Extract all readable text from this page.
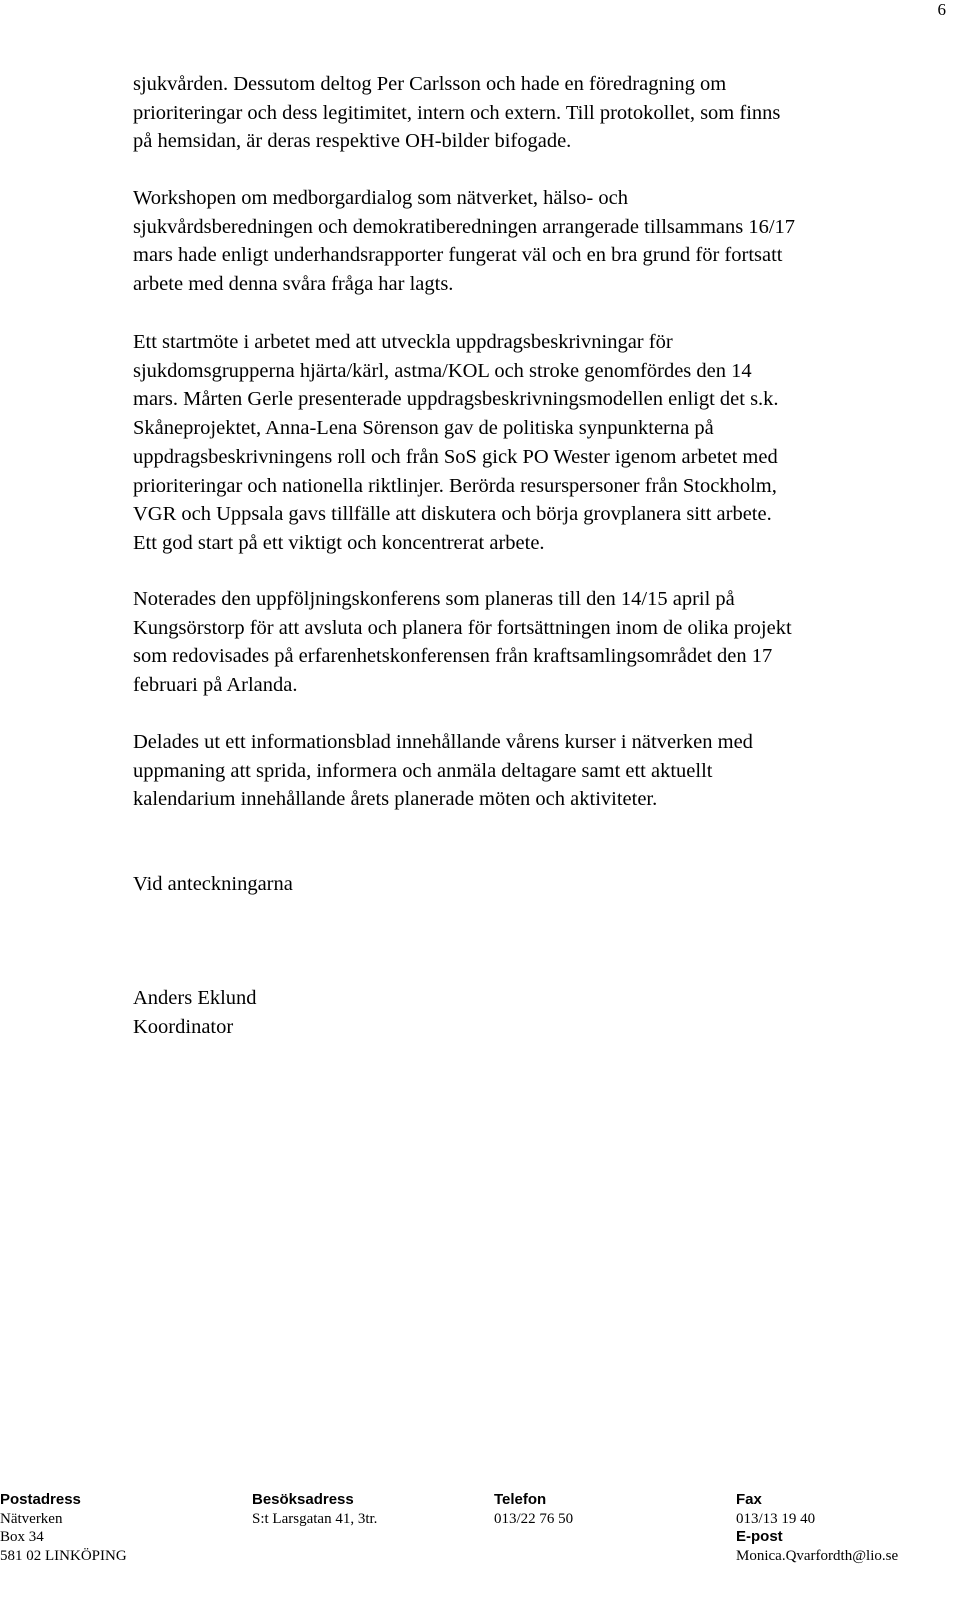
6

sjukvården. Dessutom deltog Per Carlsson och hade en föredragning om
prioriteringar och dess legitimitet, intern och extern. Till protokollet, som finns
på hemsidan, är deras respektive OH-bilder bifogade.

Workshopen om medborgardialog som nätverket, hälso- och
sjukvårdsberedningen och demokratiberedningen arrangerade tillsammans 16/17
mars hade enligt underhandsrapporter fungerat väl och en bra grund för fortsatt
arbete med denna svåra fråga har lagts.

Ett startmöte i arbetet med att utveckla uppdragsbeskrivningar för
sjukdomsgrupperna hjärta/kärl, astma/KOL och stroke genomfördes den 14
mars. Mårten Gerle presenterade uppdragsbeskrivningsmodellen enligt det s.k.
Skåneprojektet, Anna-Lena Sörenson gav de politiska synpunkterna på
uppdragsbeskrivningens roll och från SoS gick PO Wester igenom arbetet med
prioriteringar och nationella riktlinjer. Berörda resurspersoner från Stockholm,
VGR och Uppsala gavs tillfälle att diskutera och börja grovplanera sitt arbete.
Ett god start på ett viktigt och koncentrerat arbete.

Noterades den uppföljningskonferens som planeras till den 14/15 april på
Kungsörstorp för att avsluta och planera för fortsättningen inom de olika projekt
som redovisades på erfarenhetskonferensen från kraftsamlingsområdet den 17
februari på Arlanda.

Delades ut ett informationsblad innehållande vårens kurser i nätverken med
uppmaning att sprida, informera och anmäla deltagare samt ett aktuellt
kalendarium innehållande årets planerade möten och aktiviteter.

Vid anteckningarna

Anders Eklund
Koordinator

Postadress
Nätverken
Box 34
581 02 LINKÖPING
Besöksadress
S:t Larsgatan 41, 3tr.
Telefon
013/22 76 50
Fax
013/13 19 40
E-post
Monica.Qvarfordth@lio.se
